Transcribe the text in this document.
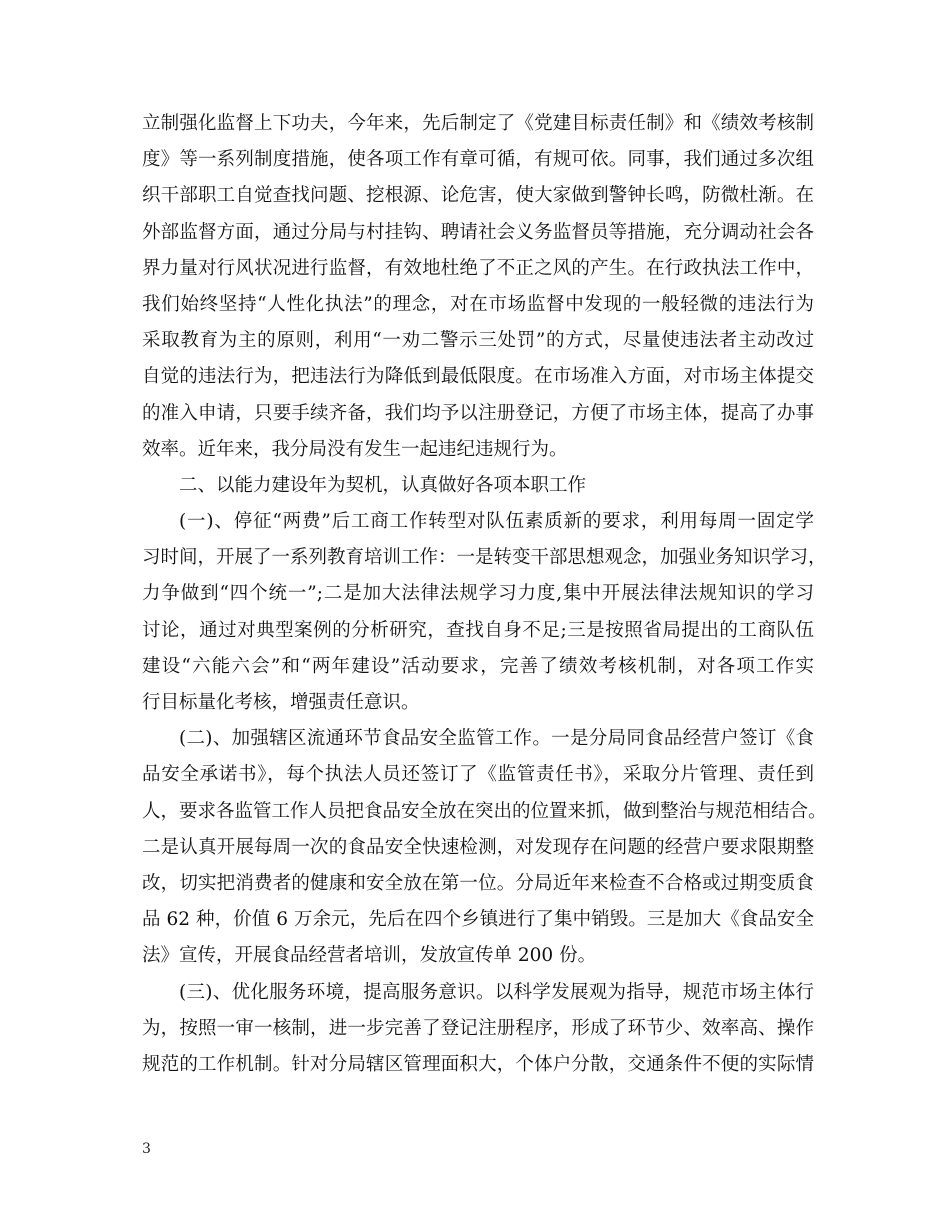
立制强化监督上下功夫，今年来，先后制定了《党建目标责任制》和《绩效考核制
度》等一系列制度措施，使各项工作有章可循，有规可依。同事，我们通过多次组
织干部职工自觉查找问题、挖根源、论危害，使大家做到警钟长鸣，防微杜渐。在
外部监督方面，通过分局与村挂钩、聘请社会义务监督员等措施，充分调动社会各
界力量对行风状况进行监督，有效地杜绝了不正之风的产生。在行政执法工作中，
我们始终坚持“人性化执法”的理念，对在市场监督中发现的一般轻微的违法行为
采取教育为主的原则，利用“一劝二警示三处罚”的方式，尽量使违法者主动改过
自觉的违法行为，把违法行为降低到最低限度。在市场准入方面，对市场主体提交
的准入申请，只要手续齐备，我们均予以注册登记，方便了市场主体，提高了办事
效率。近年来，我分局没有发生一起违纪违规行为。
二、以能力建设年为契机，认真做好各项本职工作
(一)、停征“两费”后工商工作转型对队伍素质新的要求，利用每周一固定学
习时间，开展了一系列教育培训工作：一是转变干部思想观念，加强业务知识学习，
力争做到“四个统一”;二是加大法律法规学习力度,集中开展法律法规知识的学习
讨论，通过对典型案例的分析研究，查找自身不足;三是按照省局提出的工商队伍
建设“六能六会”和“两年建设”活动要求，完善了绩效考核机制，对各项工作实
行目标量化考核，增强责任意识。
(二)、加强辖区流通环节食品安全监管工作。一是分局同食品经营户签订《食
品安全承诺书》，每个执法人员还签订了《监管责任书》，采取分片管理、责任到
人，要求各监管工作人员把食品安全放在突出的位置来抓，做到整治与规范相结合。
二是认真开展每周一次的食品安全快速检测，对发现存在问题的经营户要求限期整
改，切实把消费者的健康和安全放在第一位。分局近年来检查不合格或过期变质食
品 62 种，价值 6 万余元，先后在四个乡镇进行了集中销毁。三是加大《食品安全
法》宣传，开展食品经营者培训，发放宣传单 200 份。
(三)、优化服务环境，提高服务意识。以科学发展观为指导，规范市场主体行
为，按照一审一核制，进一步完善了登记注册程序，形成了环节少、效率高、操作
规范的工作机制。针对分局辖区管理面积大，个体户分散，交通条件不便的实际情
3
